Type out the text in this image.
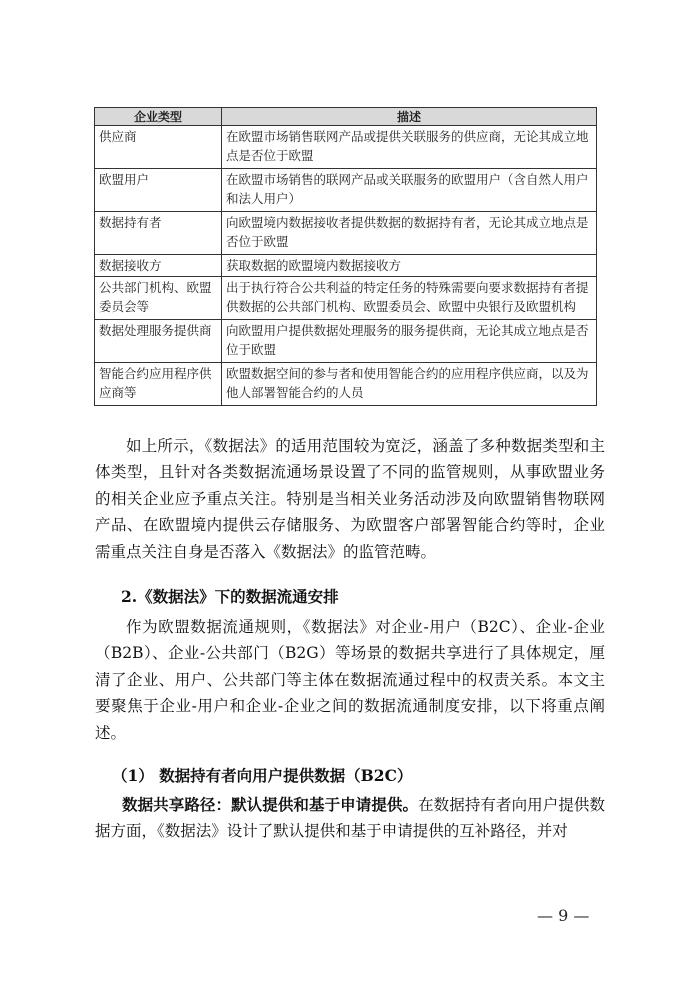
企业类型	描述
供应商	在欧盟市场销售联网产品或提供关联服务的供应商，无论其成立地点是否位于欧盟
欧盟用户	在欧盟市场销售的联网产品或关联服务的欧盟用户（含自然人用户和法人用户）
数据持有者	向欧盟境内数据接收者提供数据的数据持有者，无论其成立地点是否位于欧盟
数据接收方	获取数据的欧盟境内数据接收方
公共部门机构、欧盟委员会等	出于执行符合公共利益的特定任务的特殊需要向要求数据持有者提供数据的公共部门机构、欧盟委员会、欧盟中央银行及欧盟机构
数据处理服务提供商	向欧盟用户提供数据处理服务的服务提供商，无论其成立地点是否位于欧盟
智能合约应用程序供应商等	欧盟数据空间的参与者和使用智能合约的应用程序供应商，以及为他人部署智能合约的人员

如上所示，《数据法》的适用范围较为宽泛，涵盖了多种数据类型和主体类型，且针对各类数据流通场景设置了不同的监管规则，从事欧盟业务的相关企业应予重点关注。特别是当相关业务活动涉及向欧盟销售物联网产品、在欧盟境内提供云存储服务、为欧盟客户部署智能合约等时，企业需重点关注自身是否落入《数据法》的监管范畴。

2.《数据法》下的数据流通安排

作为欧盟数据流通规则，《数据法》对企业-用户（B2C）、企业-企业（B2B）、企业-公共部门（B2G）等场景的数据共享进行了具体规定，厘清了企业、用户、公共部门等主体在数据流通过程中的权责关系。本文主要聚焦于企业-用户和企业-企业之间的数据流通制度安排，以下将重点阐述。

（1） 数据持有者向用户提供数据（B2C）

数据共享路径：默认提供和基于申请提供。在数据持有者向用户提供数据方面，《数据法》设计了默认提供和基于申请提供的互补路径，并对

— 9 —
